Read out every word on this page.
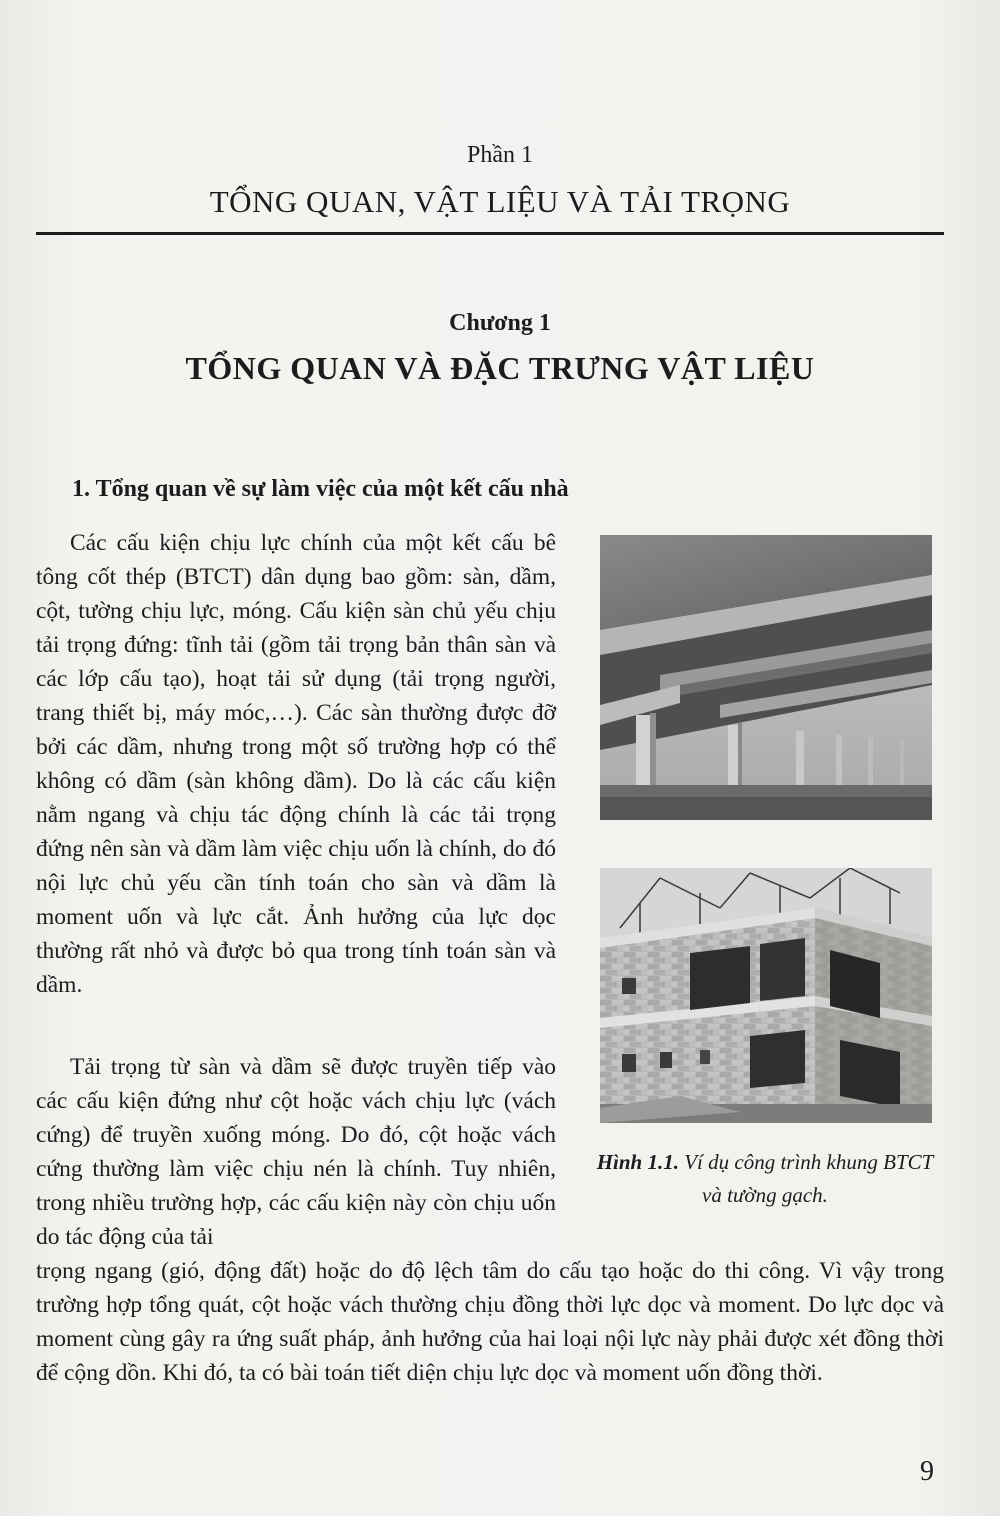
Phần 1
TỔNG QUAN, VẬT LIỆU VÀ TẢI TRỌNG
Chương 1
TỔNG QUAN VÀ ĐẶC TRƯNG VẬT LIỆU
1. Tổng quan về sự làm việc của một kết cấu nhà
Các cấu kiện chịu lực chính của một kết cấu bê tông cốt thép (BTCT) dân dụng bao gồm: sàn, dầm, cột, tường chịu lực, móng. Cấu kiện sàn chủ yếu chịu tải trọng đứng: tĩnh tải (gồm tải trọng bản thân sàn và các lớp cấu tạo), hoạt tải sử dụng (tải trọng người, trang thiết bị, máy móc,…). Các sàn thường được đỡ bởi các dầm, nhưng trong một số trường hợp có thể không có dầm (sàn không dầm). Do là các cấu kiện nằm ngang và chịu tác động chính là các tải trọng đứng nên sàn và dầm làm việc chịu uốn là chính, do đó nội lực chủ yếu cần tính toán cho sàn và dầm là moment uốn và lực cắt. Ảnh hưởng của lực dọc thường rất nhỏ và được bỏ qua trong tính toán sàn và dầm.
Tải trọng từ sàn và dầm sẽ được truyền tiếp vào các cấu kiện đứng như cột hoặc vách chịu lực (vách cứng) để truyền xuống móng. Do đó, cột hoặc vách cứng thường làm việc chịu nén là chính. Tuy nhiên, trong nhiều trường hợp, các cấu kiện này còn chịu uốn do tác động của tải
trọng ngang (gió, động đất) hoặc do độ lệch tâm do cấu tạo hoặc do thi công. Vì vậy trong trường hợp tổng quát, cột hoặc vách thường chịu đồng thời lực dọc và moment. Do lực dọc và moment cùng gây ra ứng suất pháp, ảnh hưởng của hai loại nội lực này phải được xét đồng thời để cộng dồn. Khi đó, ta có bài toán tiết diện chịu lực dọc và moment uốn đồng thời.
Hình 1.1. Ví dụ công trình khung BTCT và tường gạch.
9
